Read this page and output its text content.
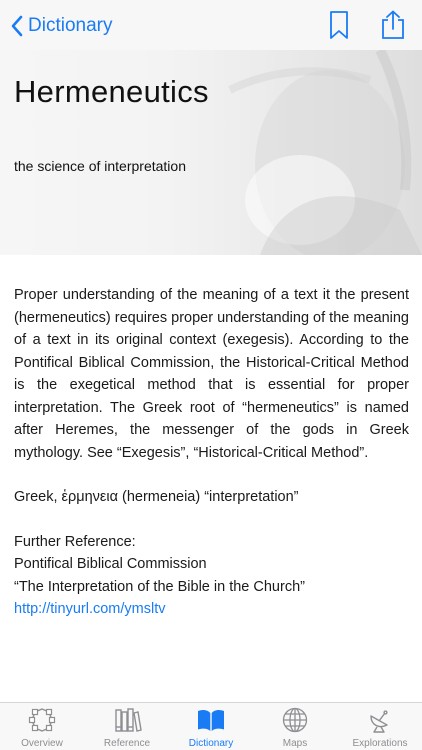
Dictionary
Hermeneutics
the science of interpretation

Proper understanding of the meaning of a text it the present (hermeneutics) requires proper understanding of the meaning of a text in its original context (exegesis). According to the Pontifical Biblical Commission, the Historical-Critical Method is the exegetical method that is essential for proper interpretation. The Greek root of “hermeneutics” is named after Heremes, the messenger of the gods in Greek mythology. See “Exegesis”, “Historical-Critical Method”.

Greek, ἑρμηνεια (hermeneia) “interpretation”
Further Reference:
Pontifical Biblical Commission
“The Interpretation of the Bible in the Church”
http://tinyurl.com/ymsltv
Overview	Reference	Dictionary	Maps	Explorations
